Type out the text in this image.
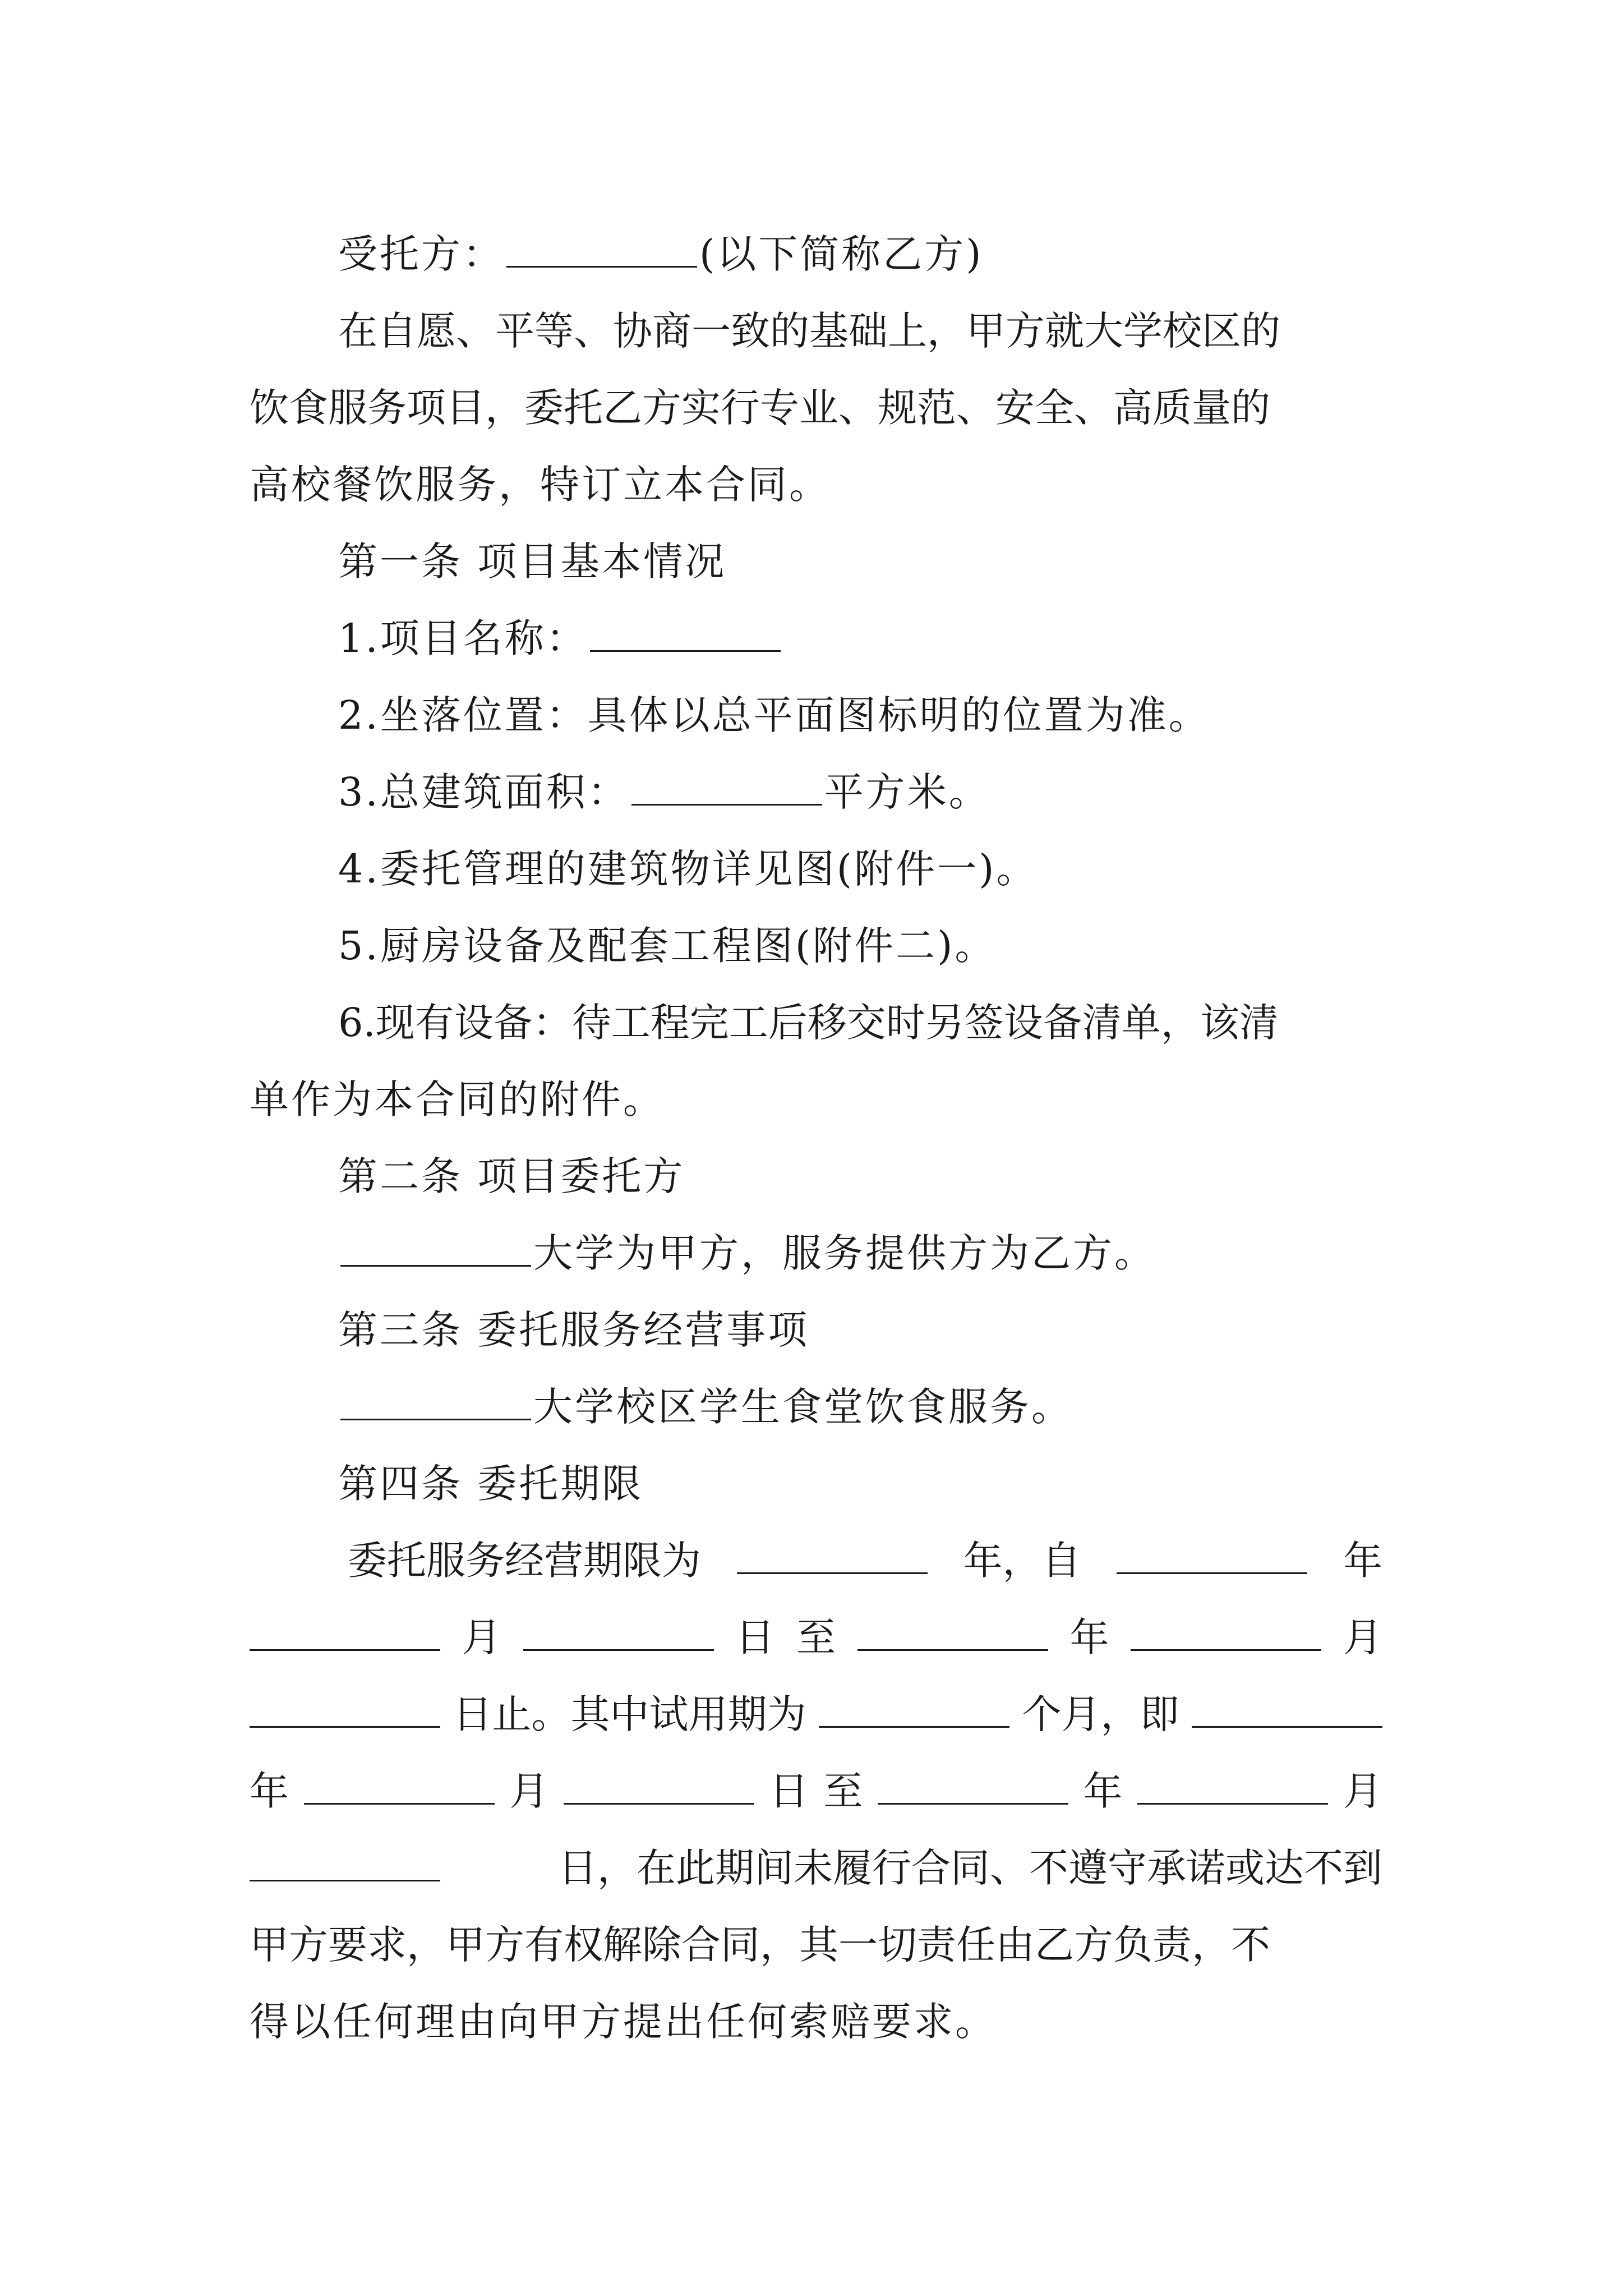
受托方：	(以下简称乙方)
在自愿、平等、协商一致的基础上，甲方就大学校区的
饮食服务项目，委托乙方实行专业、规范、安全、高质量的
高校餐饮服务，特订立本合同。
第一条 项目基本情况
1.项目名称：
2.坐落位置：具体以总平面图标明的位置为准。
3.总建筑面积：	平方米。
4.委托管理的建筑物详见图(附件一)。
5.厨房设备及配套工程图(附件二)。
6.现有设备：待工程完工后移交时另签设备清单，该清
单作为本合同的附件。
第二条 项目委托方
大学为甲方，服务提供方为乙方。
第三条 委托服务经营事项
大学校区学生食堂饮食服务。
第四条 委托期限
委托服务经营期限为	年，自	年
月	日 至	年	月
日止。其中试用期为	个月，即
年	月	日 至	年	月
日，在此期间未履行合同、不遵守承诺或达不到
甲方要求，甲方有权解除合同，其一切责任由乙方负责，不
得以任何理由向甲方提出任何索赔要求。
